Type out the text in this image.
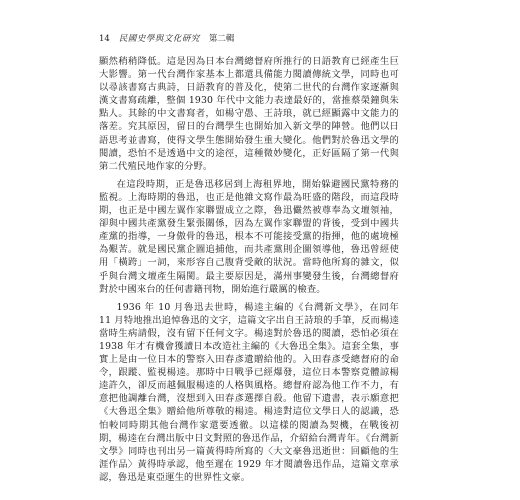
14 民國史學與文化研究 第二輯

顯然稍稍降低。這是因為日本台灣總督府所推行的日語教育已經產生巨大影響。第一代台灣作家基本上都還具備能力閱讀傳統文學，同時也可以尋該書寫古典詩，日語教育的普及化，使第二世代的台灣作家逐漸與漢文書寫疏離，整個 1930 年代中文能力表達最好的，當推蔡榮鐘與朱點人。其餘的中文書寫者，如楊守愚、王詩琅，就已經顯露中文能力的落差。究其原因，留日的台灣學生也開始加入新文學的陣營。他們以日語思考並書寫，使得文學生態開始發生重大變化。他們對於魯迅文學的閱讀，恐怕不是透過中文的途徑，這種微妙變化，正好區隔了第一代與第二代殖民地作家的分野。

在這段時期，正是魯迅移居到上海租界地，開始躲避國民黨特務的監視。上海時期的魯迅，也正是他雜文寫作最為旺盛的階段，而這段時期，也正是中國左翼作家聯盟成立之際，魯迅儼然被尊奉為文壇領袖，卻與中國共產黨發生緊張關係，因為左翼作家聯盟的背後，受到中國共產黨的指導，一身傲骨的魯迅，根本不可能接受黨的指揮，他的處境極為艱苦。就是國民黨企圖追捕他，而共產黨則企圖領導他，魯迅曾經使用「橫跨」一詞，來形容自己腹背受敵的狀況。當時他所寫的雜文，似乎與台灣文壇產生隔閡。最主要原因是，滿州事變發生後，台灣總督府對於中國來台的任何書籍刊物，開始進行嚴厲的檢查。

1936 年 10 月魯迅去世時，楊逵主編的《台灣新文學》，在同年 11 月特地推出追悼魯迅的文字，這篇文字出自王詩琅的手筆，反而楊逵當時生病請假，沒有留下任何文字。楊逵對於魯迅的閱讀，恐怕必須在 1938 年才有機會獲讀日本改造社主編的《大魯迅全集》。這套全集，事實上是由一位日本的警察入田春彥遺贈給他的。入田春彥受總督府的命令，跟蹤、監視楊逵。那時中日戰爭已經爆發，這位日本警察竟體諒楊逵許久，卻反而越佩服楊逵的人格與風格。總督府認為他工作不力，有意把他調離台灣，沒想到入田春彥選擇自殺。他留下遺書，表示願意把《大魯迅全集》贈給他所尊敬的楊逵。楊逵對這位文學日人的認識，恐怕較同時期其他台灣作家還要透徹。以這樣的閱讀為契機，在戰後初期，楊逵在台灣出版中日文對照的魯迅作品，介紹給台灣青年。《台灣新文學》同時也刊出另一篇黃得時所寫的〈大文豪魯迅逝世：回顧他的生涯作品〉黃得時承認，他至遲在 1929 年才閱讀魯迅作品，這篇文章承認，魯迅是東亞運生的世界性文豪。
